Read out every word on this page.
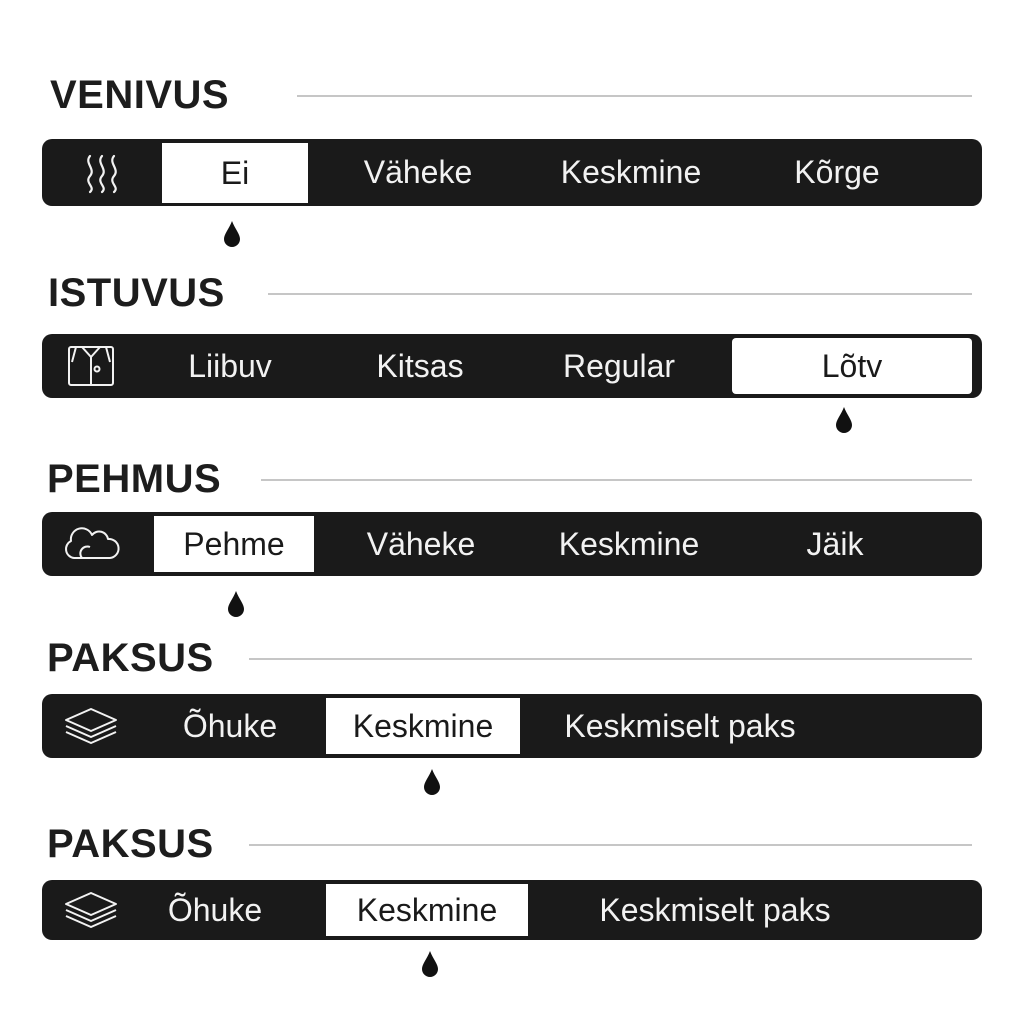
VENIVUS
Ei	Väheke	Keskmine	Kõrge
ISTUVUS
Liibuv	Kitsas	Regular	Lõtv
PEHMUS
Pehme	Väheke	Keskmine	Jäik
PAKSUS
Õhuke	Keskmine	Keskmiselt paks
PAKSUS
Õhuke	Keskmine	Keskmiselt paks
